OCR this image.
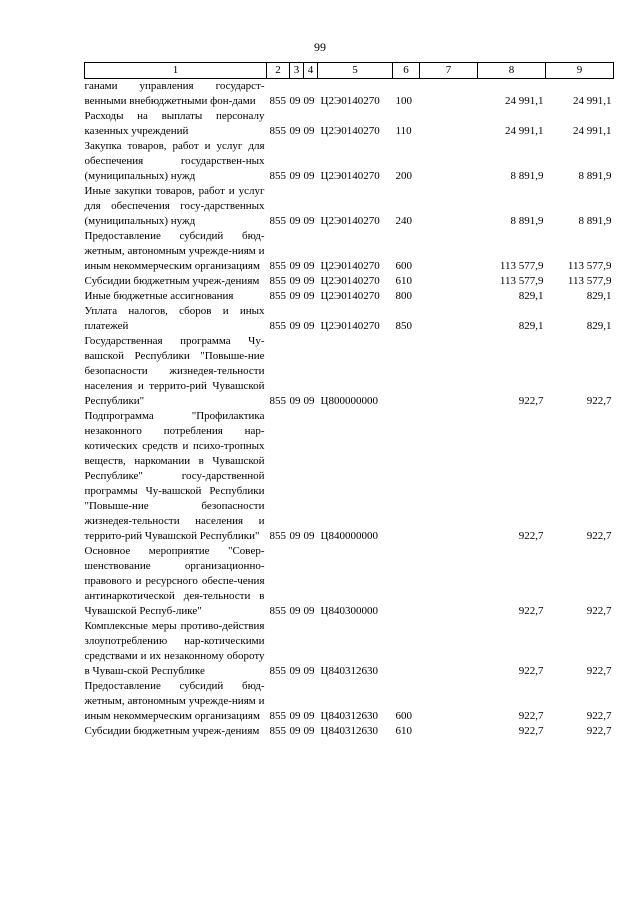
99
1	2	3	4	5	6	7	8	9
ганами управления государст-венными внебюджетными фон-дами	855	09	09	Ц2Э0140270	100		24 991,1	24 991,1
Расходы на выплаты персоналу казенных учреждений	855	09	09	Ц2Э0140270	110		24 991,1	24 991,1
Закупка товаров, работ и услуг для обеспечения государствен-ных (муниципальных) нужд	855	09	09	Ц2Э0140270	200		8 891,9	8 891,9
Иные закупки товаров, работ и услуг для обеспечения госу-дарственных (муниципальных) нужд	855	09	09	Ц2Э0140270	240		8 891,9	8 891,9
Предоставление субсидий бюд-жетным, автономным учрежде-ниям и иным некоммерческим организациям	855	09	09	Ц2Э0140270	600		113 577,9	113 577,9
Субсидии бюджетным учреж-дениям	855	09	09	Ц2Э0140270	610		113 577,9	113 577,9
Иные бюджетные ассигнования	855	09	09	Ц2Э0140270	800		829,1	829,1
Уплата налогов, сборов и иных платежей	855	09	09	Ц2Э0140270	850		829,1	829,1
Государственная программа Чу-вашской Республики "Повыше-ние безопасности жизнедея-тельности населения и террито-рий Чувашской Республики"	855	09	09	Ц800000000			922,7	922,7
Подпрограмма "Профилактика незаконного потребления нар-котических средств и психо-тропных веществ, наркомании в Чувашской Республике" госу-дарственной программы Чу-вашской Республики "Повыше-ние безопасности жизнедея-тельности населения и террито-рий Чувашской Республики"	855	09	09	Ц840000000			922,7	922,7
Основное мероприятие "Совер-шенствование организационно-правового и ресурсного обеспе-чения антинаркотической дея-тельности в Чувашской Респуб-лике"	855	09	09	Ц840300000			922,7	922,7
Комплексные меры противо-действия злоупотреблению нар-котическими средствами и их незаконному обороту в Чуваш-ской Республике	855	09	09	Ц840312630			922,7	922,7
Предоставление субсидий бюд-жетным, автономным учрежде-ниям и иным некоммерческим организациям	855	09	09	Ц840312630	600		922,7	922,7
Субсидии бюджетным учреж-дениям	855	09	09	Ц840312630	610		922,7	922,7
